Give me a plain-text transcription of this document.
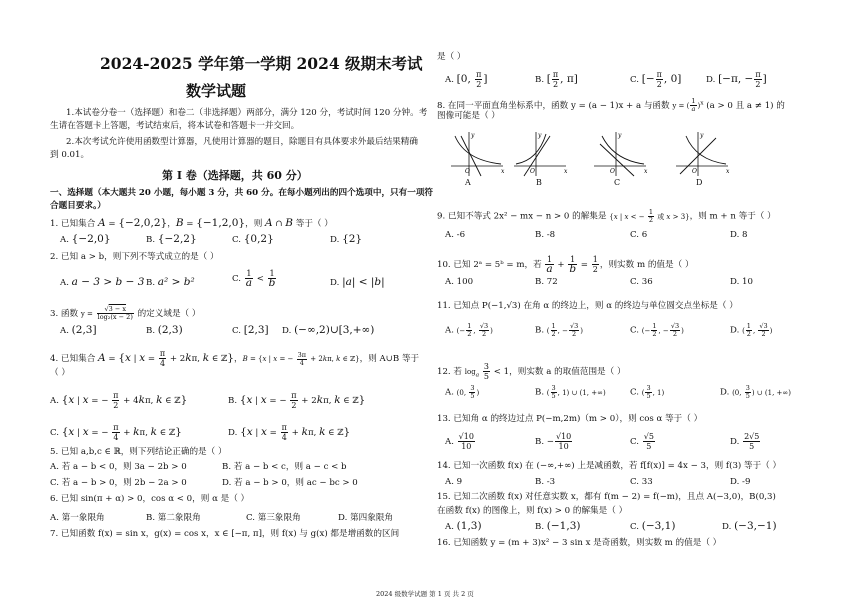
2024-2025 学年第一学期 2024 级期末考试
数学试题
1.本试卷分卷一（选择题）和卷二（非选择题）两部分，满分 120 分，考试时间 120 分钟。考
生请在答题卡上答题，考试结束后，将本试卷和答题卡一并交回。
2.本次考试允许使用函数型计算器，凡使用计算器的题目，除题目有具体要求外最后结果精确
到 0.01。
第 I 卷（选择题，共 60 分）
一、选择题（本大题共 20 小题，每小题 3 分，共 60 分。在每小题列出的四个选项中，只有一项符
合题目要求。）
1. 已知集合 A = {−2,0,2}，B = {−1,2,0}，则 A ∩ B 等于（ ）
A. {−2,0}	B. {−2,2}	C. {0,2}	D. {2}
2. 已知 a > b，则下列不等式成立的是（ ）
A. a − 3 > b − 3 B. a² > b²	C. $\frac{1}{a} < \frac{1}{b}$	D. |a| < |b|
3. 函数 $y = \frac{√3 - x}{\text{log₂(x − 2)}}$ 的定义域是（ ）
A. (2,3]	B. (2,3)	C. [2,3] D. (−∞,2)∪[3,+∞)
4. 已知集合 A = {x | $x = \frac{\pi}{4} + 2k\pi$, k ∈ ℤ}，B = {x | x = − $\frac{3\pi}{4} + 2k\pi$, k ∈ ℤ}，则 A∪B 等于
（ ）
A. {x | x = − $\frac{\pi}{2} + 4k\pi$, k ∈ ℤ}	B. {x | x = − $\frac{\pi}{2} + 2k\pi$, k ∈ ℤ}
C. {x | x = − $\frac{\pi}{4} + k\pi$, k ∈ ℤ}	D. {x | $x = \frac{\pi}{4} + k\pi$, k ∈ ℤ}
5. 已知 a,b,c ∈ ℝ，则下列结论正确的是（ ）
A. 若 a − b < 0，则 3a − 2b > 0	B. 若 a − b < c，则 a − c < b
C. 若 a − b > 0，则 2b − 2a > 0	D. 若 a − b > 0，则 ac − bc > 0
6. 已知 sin(π + α) > 0，cos α < 0，则 α 是（ ）
A. 第一象限角	B. 第二象限角	C. 第三象限角	D. 第四象限角
7. 已知函数 f(x) = sin x，g(x) = cos x，x ∈ [−π, π]，则 f(x) 与 g(x) 都是增函数的区间
是（ ）
A. [0, $\frac{\pi}{2}$ ]	B. [ $\frac{\pi}{2}$ , π]	C. [− $\frac{\pi}{2}$ , 0]	D. [−π, − $\frac{\pi}{2}$ ]
8. 在同一平面直角坐标系中，函数 y = (a − 1)x + a 与函数 y = ( $\frac{1}{a} )^x$ (a > 0 且 a ≠ 1) 的
图像可能是（ ）
O	x
y
O	x
y
O	x
y
O	x
y
A	B	C	D
9. 已知不等式 2x² − mx − n > 0 的解集是 {x | x < − $\frac{1}{2}$ 或 x > 3}，则 m + n 等于（ ）
A. -6	B. -8	C. 6	D. 8
10. 已知 2ᵃ = 5ᵇ = m，若 $\frac{1}{a} + \frac{1}{b} = \frac{1}{2}$ ，则实数 m 的值是（ ）
A. 100	B. 72	C. 36	D. 10
11. 已知点 P(−1,√3) 在角 α 的终边上，则 α 的终边与单位圆交点坐标是（ ）
A. (− $\frac{1}{2}$ , $\frac{√3}{2}$ )	B. ( $\frac{1}{2}$ , − $\frac{√3}{2}$ )	C. (− $\frac{1}{2}$ , − $\frac{√3}{2}$ )	D. ( $\frac{1}{2}$ , $\frac{√3}{2}$ )
12. 若 $\log_a \frac{3}{5} < 1$，则实数 a 的取值范围是（ ）
A. (0, $\frac{3}{5}$ )	B. ( $\frac{3}{5}$ , 1) ∪ (1, +∞)	C. ( $\frac{3}{5}$ , 1)	D. (0, $\frac{3}{5}$ ) ∪ (1, +∞)
13. 已知角 α 的终边过点 P(−m,2m)（m > 0），则 cos α 等于（ ）
A. $\frac{√10}{10}$	B. − $\frac{√10}{10}$	C. $\frac{√5}{5}$	D. $\frac{2√5}{5}$
14. 已知一次函数 f(x) 在 (−∞,+∞) 上是减函数，若 f[f(x)] = 4x − 3，则 f(3) 等于（ ）
A. 9	B. -3	C. 33	D. -9
15. 已知二次函数 f(x) 对任意实数 x，都有 f(m − 2) = f(−m)，且点 A(−3,0)，B(0,3)
在函数 f(x) 的图像上，则 f(x) > 0 的解集是（ ）
A. (1,3)	B. (−1,3)	C. (−3,1)	D. (−3,−1)
16. 已知函数 y = (m + 3)x² − 3 sin x 是奇函数，则实数 m 的值是（ ）
2024 级数学试题 第 1 页 共 2 页
